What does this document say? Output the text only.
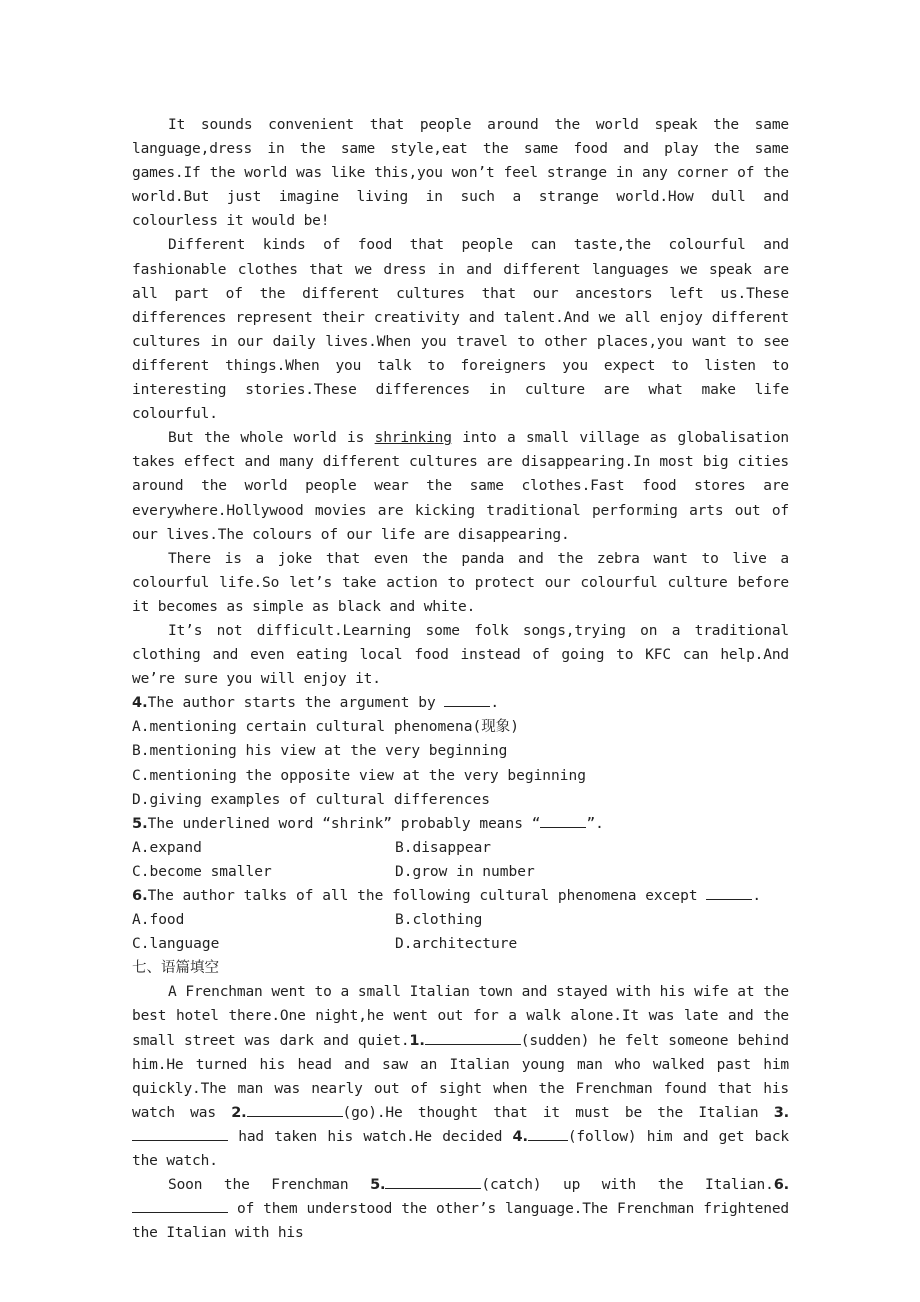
It sounds convenient that people around the world speak the same language,dress in the same style,eat the same food and play the same games.If the world was like this,you won’t feel strange in any corner of the world.But just imagine living in such a strange world.How dull and colourless it would be!

Different kinds of food that people can taste,the colourful and fashionable clothes that we dress in and different languages we speak are all part of the different cultures that our ancestors left us.These differences represent their creativity and talent.And we all enjoy different cultures in our daily lives.When you travel to other places,you want to see different things.When you talk to foreigners you expect to listen to interesting stories.These differences in culture are what make life colourful.

But the whole world is shrinking into a small village as globalisation takes effect and many different cultures are disappearing.In most big cities around the world people wear the same clothes.Fast food stores are everywhere.Hollywood movies are kicking traditional performing arts out of our lives.The colours of our life are disappearing.

There is a joke that even the panda and the zebra want to live a colourful life.So let’s take action to protect our colourful culture before it becomes as simple as black and white.

It’s not difficult.Learning some folk songs,trying on a traditional clothing and even eating local food instead of going to KFC can help.And we’re sure you will enjoy it.

4.The author starts the argument by	.

A.mentioning certain cultural phenomena(现象)

B.mentioning his view at the very beginning

C.mentioning the opposite view at the very beginning

D.giving examples of cultural differences

5.The underlined word “shrink” probably means “	”.

A.expand	B.disappear
C.become smaller	D.grow in number

6.The author talks of all the following cultural phenomena except	.

A.food	B.clothing
C.language	D.architecture

七、语篇填空

A Frenchman went to a small Italian town and stayed with his wife at the best hotel there.One night,he went out for a walk alone.It was late and the small street was dark and quiet.1.	(sudden) he felt someone behind him.He turned his head and saw an Italian young man who walked past him quickly.The man was nearly out of sight when the Frenchman found that his watch was 2.	(go).He thought that it must be the Italian 3. had taken his watch.He decided 4.	(follow) him and get back the watch.

Soon the Frenchman 5.	(catch) up with the Italian.6. of them understood the other’s language.The Frenchman frightened the Italian with his
